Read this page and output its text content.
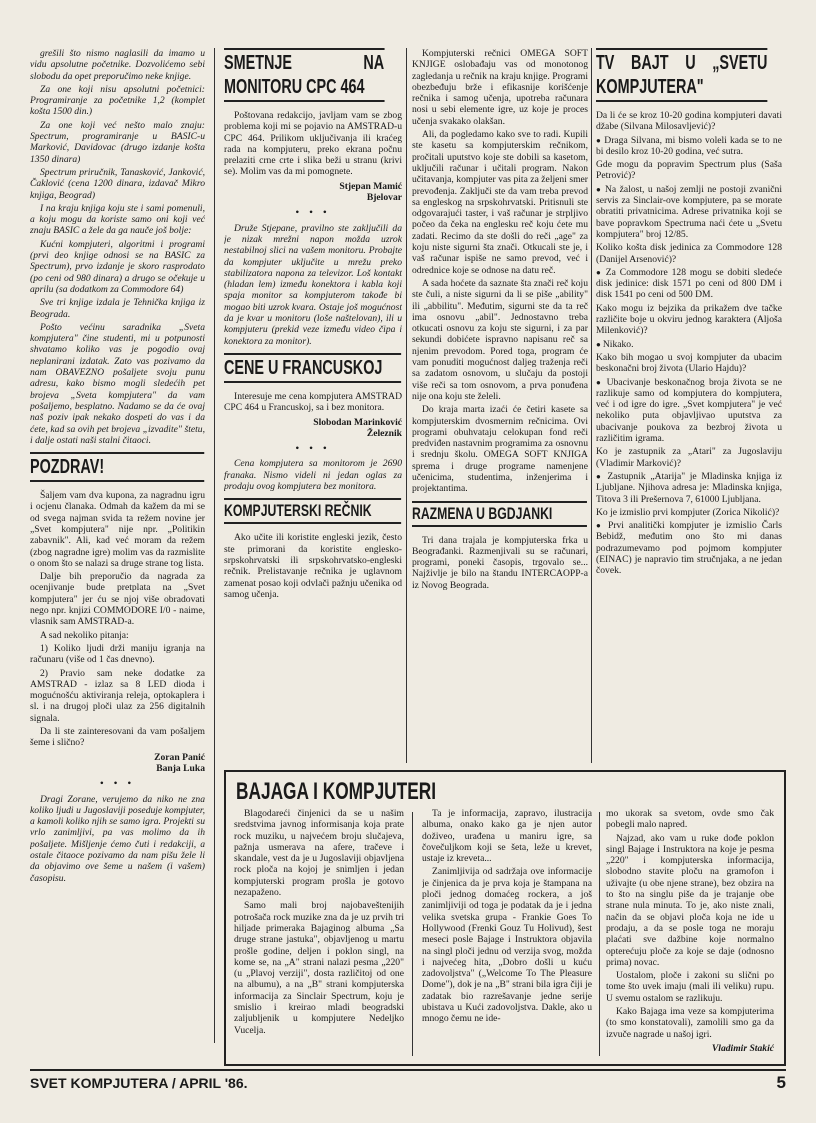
grešili što nismo naglasili da imamo u vidu apsolutne početnike. Dozvolićemo sebi slobodu da opet preporučimo neke knjige.

Za one koji nisu apsolutni početnici: Programiranje za početnike 1,2 (komplet košta 1500 din.)

Za one koji već nešto malo znaju: Spectrum, programiranje u BASIC-u Marković, Davidovac (drugo izdanje košta 1350 dinara)

Spectrum priručnik, Tanasković, Janković, Čaklović (cena 1200 dinara, izdavač Mikro knjiga, Beograd)

I na kraju knjiga koju ste i sami pomenuli, a koju mogu da koriste samo oni koji već znaju BASIC a žele da ga nauče još bolje:

Kućni kompjuteri, algoritmi i programi (prvi deo knjige odnosi se na BASIC za Spectrum), prvo izdanje je skoro rasprodato (po ceni od 980 dinara) a drugo se očekuje u aprilu (sa dodatkom za Commodore 64)

Sve tri knjige izdala je Tehnička knjiga iz Beograda.

Pošto većinu saradnika „Sveta kompjutera" čine studenti, mi u potpunosti shvatamo koliko vas je pogodio ovaj neplanirani izdatak. Zato vas pozivamo da nam OBAVEZNO pošaljete svoju punu adresu, kako bismo mogli sledećih pet brojeva „Sveta kompjutera" da vam pošaljemo, besplatno. Nadamo se da će ovaj naš poziv ipak nekako dospeti do vas i da ćete, kad sa ovih pet brojeva „izvadite" štetu, i dalje ostati naši stalni čitaoci.

POZDRAV!

Šaljem vam dva kupona, za nagradnu igru i ocjenu članaka. Odmah da kažem da mi se od svega najman svida ta režem novine jer „Svet kompjutera" nije npr. „Politikin zabavnik". Ali, kad već moram da režem (zbog nagradne igre) molim vas da razmislite o onom što se nalazi sa druge strane tog lista.

Dalje bih preporučio da nagrada za ocenjivanje bude pretplata na „Svet kompjutera" jer ću se njoj više obradovati nego npr. knjizi COMMODORE I/0 - naime, vlasnik sam AMSTRAD-a.

A sad nekoliko pitanja:

1) Koliko ljudi drži maniju igranja na računaru (više od 1 čas dnevno).

2) Pravio sam neke dodatke za AMSTRAD - izlaz sa 8 LED dioda i mogućnošću aktiviranja releja, optokaplera i sl. i na drugoj ploči ulaz za 256 digitalnih signala.

Da li ste zainteresovani da vam pošaljem šeme i slično?

Zoran Panić
Banja Luka

• • •

Dragi Zorane, verujemo da niko ne zna koliko ljudi u Jugoslaviji poseduje kompjuter, a kamoli koliko njih se samo igra. Projekti su vrlo zanimljivi, pa vas molimo da ih pošaljete. Mišljenje ćemo čuti i redakciji, a ostale čitaoce pozivamo da nam pišu žele li da objavimo ove šeme u našem (i vašem) časopisu.

SMETNJE NA MONITORU CPC 464

Poštovana redakcijo, javljam vam se zbog problema koji mi se pojavio na AMSTRAD-u CPC 464. Prilikom uključivanja ili kraćeg rada na kompjuteru, preko ekrana počnu prelaziti crne crte i slika beži u stranu (krivi se). Molim vas da mi pomognete.

Stjepan Mamić
Bjelovar

• • •

Druže Stjepane, pravilno ste zaključili da je nizak mrežni napon možda uzrok nestabilnoj slici na vašem monitoru. Probajte da kompjuter uključite u mrežu preko stabilizatora napona za televizor. Loš kontakt (hladan lem) između konektora i kabla koji spaja monitor sa kompjuterom takođe bi mogao biti uzrok kvara. Ostaje još mogućnost da je kvar u monitoru (loše naštelovan), ili u kompjuteru (prekid veze između video čipa i konektora za monitor).

CENE U FRANCUSKOJ

Interesuje me cena kompjutera AMSTRAD CPC 464 u Francuskoj, sa i bez monitora.

Slobodan Marinković
Železnik

• • •

Cena kompjutera sa monitorom je 2690 franaka. Nismo videli ni jedan oglas za prodaju ovog kompjutera bez monitora.

KOMPJUTERSKI REČNIK

Ako učite ili koristite engleski jezik, često ste primorani da koristite englesko-srpskohrvatski ili srpskohrvatsko-engleski rečnik. Prelistavanje rečnika je uglavnom zamenat posao koji odvlači pažnju učenika od samog učenja.

Kompjuterski rečnici OMEGA SOFT KNJIGE oslobađaju vas od monotonog zagledanja u rečnik na kraju knjige. Programi obezbeđuju brže i efikasnije korišćenje rečnika i samog učenja, upotreba računara nosi u sebi elemente igre, uz koje je proces učenja svakako olakšan.

Ali, da pogledamo kako sve to radi. Kupili ste kasetu sa kompjuterskim rečnikom, pročitali uputstvo koje ste dobili sa kasetom, uključili računar i učitali program. Nakon učitavanja, kompjuter vas pita za željeni smer prevođenja. Zaključi ste da vam treba prevod sa engleskog na srpskohrvatski. Pritisnuli ste odgovarajući taster, i vaš računar je strpljivo počeo da čeka na englesku reč koju ćete mu zadati. Recimo da ste došli do reči „age" za koju niste sigurni šta znači. Otkucali ste je, i vaš računar ispiše ne samo prevod, već i odrednice koje se odnose na datu reč.

A sada hoćete da saznate šta znači reč koju ste čuli, a niste sigurni da li se piše „ability" ili „abbilitu". Međutim, sigurni ste da ta reč ima osnovu „abil". Jednostavno treba otkucati osnovu za koju ste sigurni, i za par sekundi dobićete ispravno napisanu reč sa njenim prevodom. Pored toga, program će vam ponuditi mogućnost daljeg traženja reči sa zadatom osnovom, u slučaju da postoji više reči sa tom osnovom, a prva ponuđena nije ona koju ste želeli.

Do kraja marta izaći će četiri kasete sa kompjuterskim dvosmernim rečnicima. Ovi programi obuhvataju celokupan fond reči predviđen nastavnim programima za osnovnu i srednju školu. OMEGA SOFT KNJIGA sprema i druge programe namenjene učenicima, studentima, inženjerima i projektantima.

RAZMENA U BGDJANKI

Tri dana trajala je kompjuterska frka u Beograđanki. Razmenjivali su se računari, programi, poneki časopis, trgovalo se... Najživlje je bilo na štandu INTERCAOPP-a iz Novog Beograda.

TV BAJT U „SVETU KOMPJUTERA"

Da li će se kroz 10-20 godina kompjuteri davati džabe (Silvana Milosavljević)?

● Draga Silvana, mi bismo voleli kada se to ne bi desilo kroz 10-20 godina, već sutra.

Gde mogu da popravim Spectrum plus (Saša Petrović)?

● Na žalost, u našoj zemlji ne postoji zvanični servis za Sinclair-ove kompjutere, pa se morate obratiti privatnicima. Adrese privatnika koji se bave popravkom Spectruma naći ćete u „Svetu kompjutera" broj 12/85.

Koliko košta disk jedinica za Commodore 128 (Danijel Arsenović)?

● Za Commodore 128 mogu se dobiti sledeće disk jedinice: disk 1571 po ceni od 800 DM i disk 1541 po ceni od 500 DM.

Kako mogu iz bejzika da prikažem dve tačke različite boje u okviru jednog karaktera (Aljoša Milenković)?

● Nikako.

Kako bih mogao u svoj kompjuter da ubacim beskonačni broj života (Ulario Hajdu)?

● Ubacivanje beskonačnog broja života se ne razlikuje samo od kompjutera do kompjutera, već i od igre do igre. „Svet kompjutera" je već nekoliko puta objavljivao uputstva za ubacivanje poukova za bezbroj života u različitim igrama.

Ko je zastupnik za „Atari" za Jugoslaviju (Vladimir Marković)?

● Zastupnik „Atarija" je Mladinska knjiga iz Ljubljane. Njihova adresa je: Mladinska knjiga, Titova 3 ili Prešernova 7, 61000 Ljubljana.

Ko je izmislio prvi kompjuter (Zorica Nikolić)?

● Prvi analitički kompjuter je izmislio Čarls Bebidž, međutim ono što mi danas podrazumevamo pod pojmom kompjuter (EINAC) je napravio tim stručnjaka, a ne jedan čovek.

BAJAGA I KOMPJUTERI

Blagodareći činjenici da se u našim sredstvima javnog informisanja koja prate rock muziku, u najvećem broju slučajeva, pažnja usmerava na afere, tračeve i skandale, vest da je u Jugoslaviji objavljena rock ploča na kojoj je snimljen i jedan kompjuterski program prošla je gotovo nezapaženo.

Samo mali broj najobaveštenijih potrošača rock muzike zna da je uz prvih tri hiljade primeraka Bajaginog albuma „Sa druge strane jastuka", objavljenog u martu prošle godine, deljen i poklon singl, na kome se, na „A" strani nalazi pesma „220" (u „Plavoj verziji", dosta različitoj od one na albumu), a na „B" strani kompjuterska informacija za Sinclair Spectrum, koju je smislio i kreirao mladi beogradski zaljubljenik u kompjutere Nedeljko Vucelja.

Ta je informacija, zapravo, ilustracija albuma, onako kako ga je njen autor doživeo, urađena u maniru igre, sa čovečuljkom koji se šeta, leže u krevet, ustaje iz kreveta...

Zanimljivija od sadržaja ove informacije je činjenica da je prva koja je štampana na ploči jednog domaćeg rockera, a još zanimljiviji od toga je podatak da je i jedna velika svetska grupa - Frankie Goes To Hollywood (Frenki Gouz Tu Holivud), šest meseci posle Bajage i Instruktora objavila na singl ploči jednu od verzija svog, možda i najvećeg hita, „Dobro došli u kuću zadovoljstva" („Welcome To The Pleasure Dome"), dok je na „B" strani bila igra čiji je zadatak bio razrešavanje jedne serije ubistava u Kući zadovoljstva. Dakle, ako u mnogo čemu ne ide-

mo ukorak sa svetom, ovde smo čak pobegli malo napred.

Najzad, ako vam u ruke dođe poklon singl Bajage i Instruktora na koje je pesma „220" i kompjuterska informacija, slobodno stavite ploču na gramofon i uživajte (u obe njene strane), bez obzira na to što na singlu piše da je trajanje obe strane nula minuta. To je, ako niste znali, način da se objavi ploča koja ne ide u prodaju, a da se posle toga ne moraju plaćati sve dažbine koje normalno opterećuju ploče za koje se daje (odnosno prima) novac.

Uostalom, ploče i zakoni su slični po tome što uvek imaju (mali ili veliku) rupu. U svemu ostalom se razlikuju.

Kako Bajaga ima veze sa kompjuterima (to smo konstatovali), zamolili smo ga da izvuče nagrade u našoj igri.

Vladimir Stakić

SVET KOMPJUTERA / APRIL '86.	5
